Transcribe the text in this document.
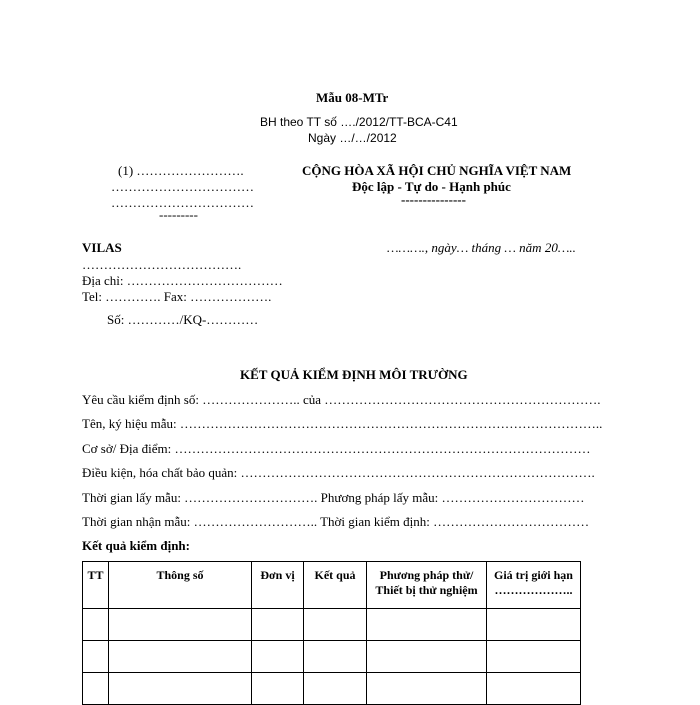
Mẫu 08-MTr
BH theo TT số …./2012/TT-BCA-C41
Ngày …/…/2012
(1) …………………….
……………………………
……………………………
---------
CỘNG HÒA XÃ HỘI CHỦ NGHĨA VIỆT NAM
Độc lập - Tự do - Hạnh phúc
---------------
VILAS	………., ngày… tháng … năm 20…..
……………………………….
Địa chỉ: ………………………………
Tel: …………. Fax: ……………….
Số: …………/KQ-…………
KẾT QUẢ KIỂM ĐỊNH MÔI TRƯỜNG
Yêu cầu kiểm định số: ………………….. của ……………………………………………………….
Tên, ký hiệu mẫu: ……………………………………………………………………………………..
Cơ sở/ Địa điểm: ……………………………………………………………………………………
Điều kiện, hóa chất bảo quản: ……………………………………………………………………….
Thời gian lấy mẫu: …………………………. Phương pháp lấy mẫu: ……………………………
Thời gian nhận mẫu: ……………………….. Thời gian kiểm định: ………………………………
Kết quả kiểm định:
TT	Thông số	Đơn vị	Kết quả	Phương pháp thử/ Thiết bị thử nghiệm	Giá trị giới hạn ………………..
